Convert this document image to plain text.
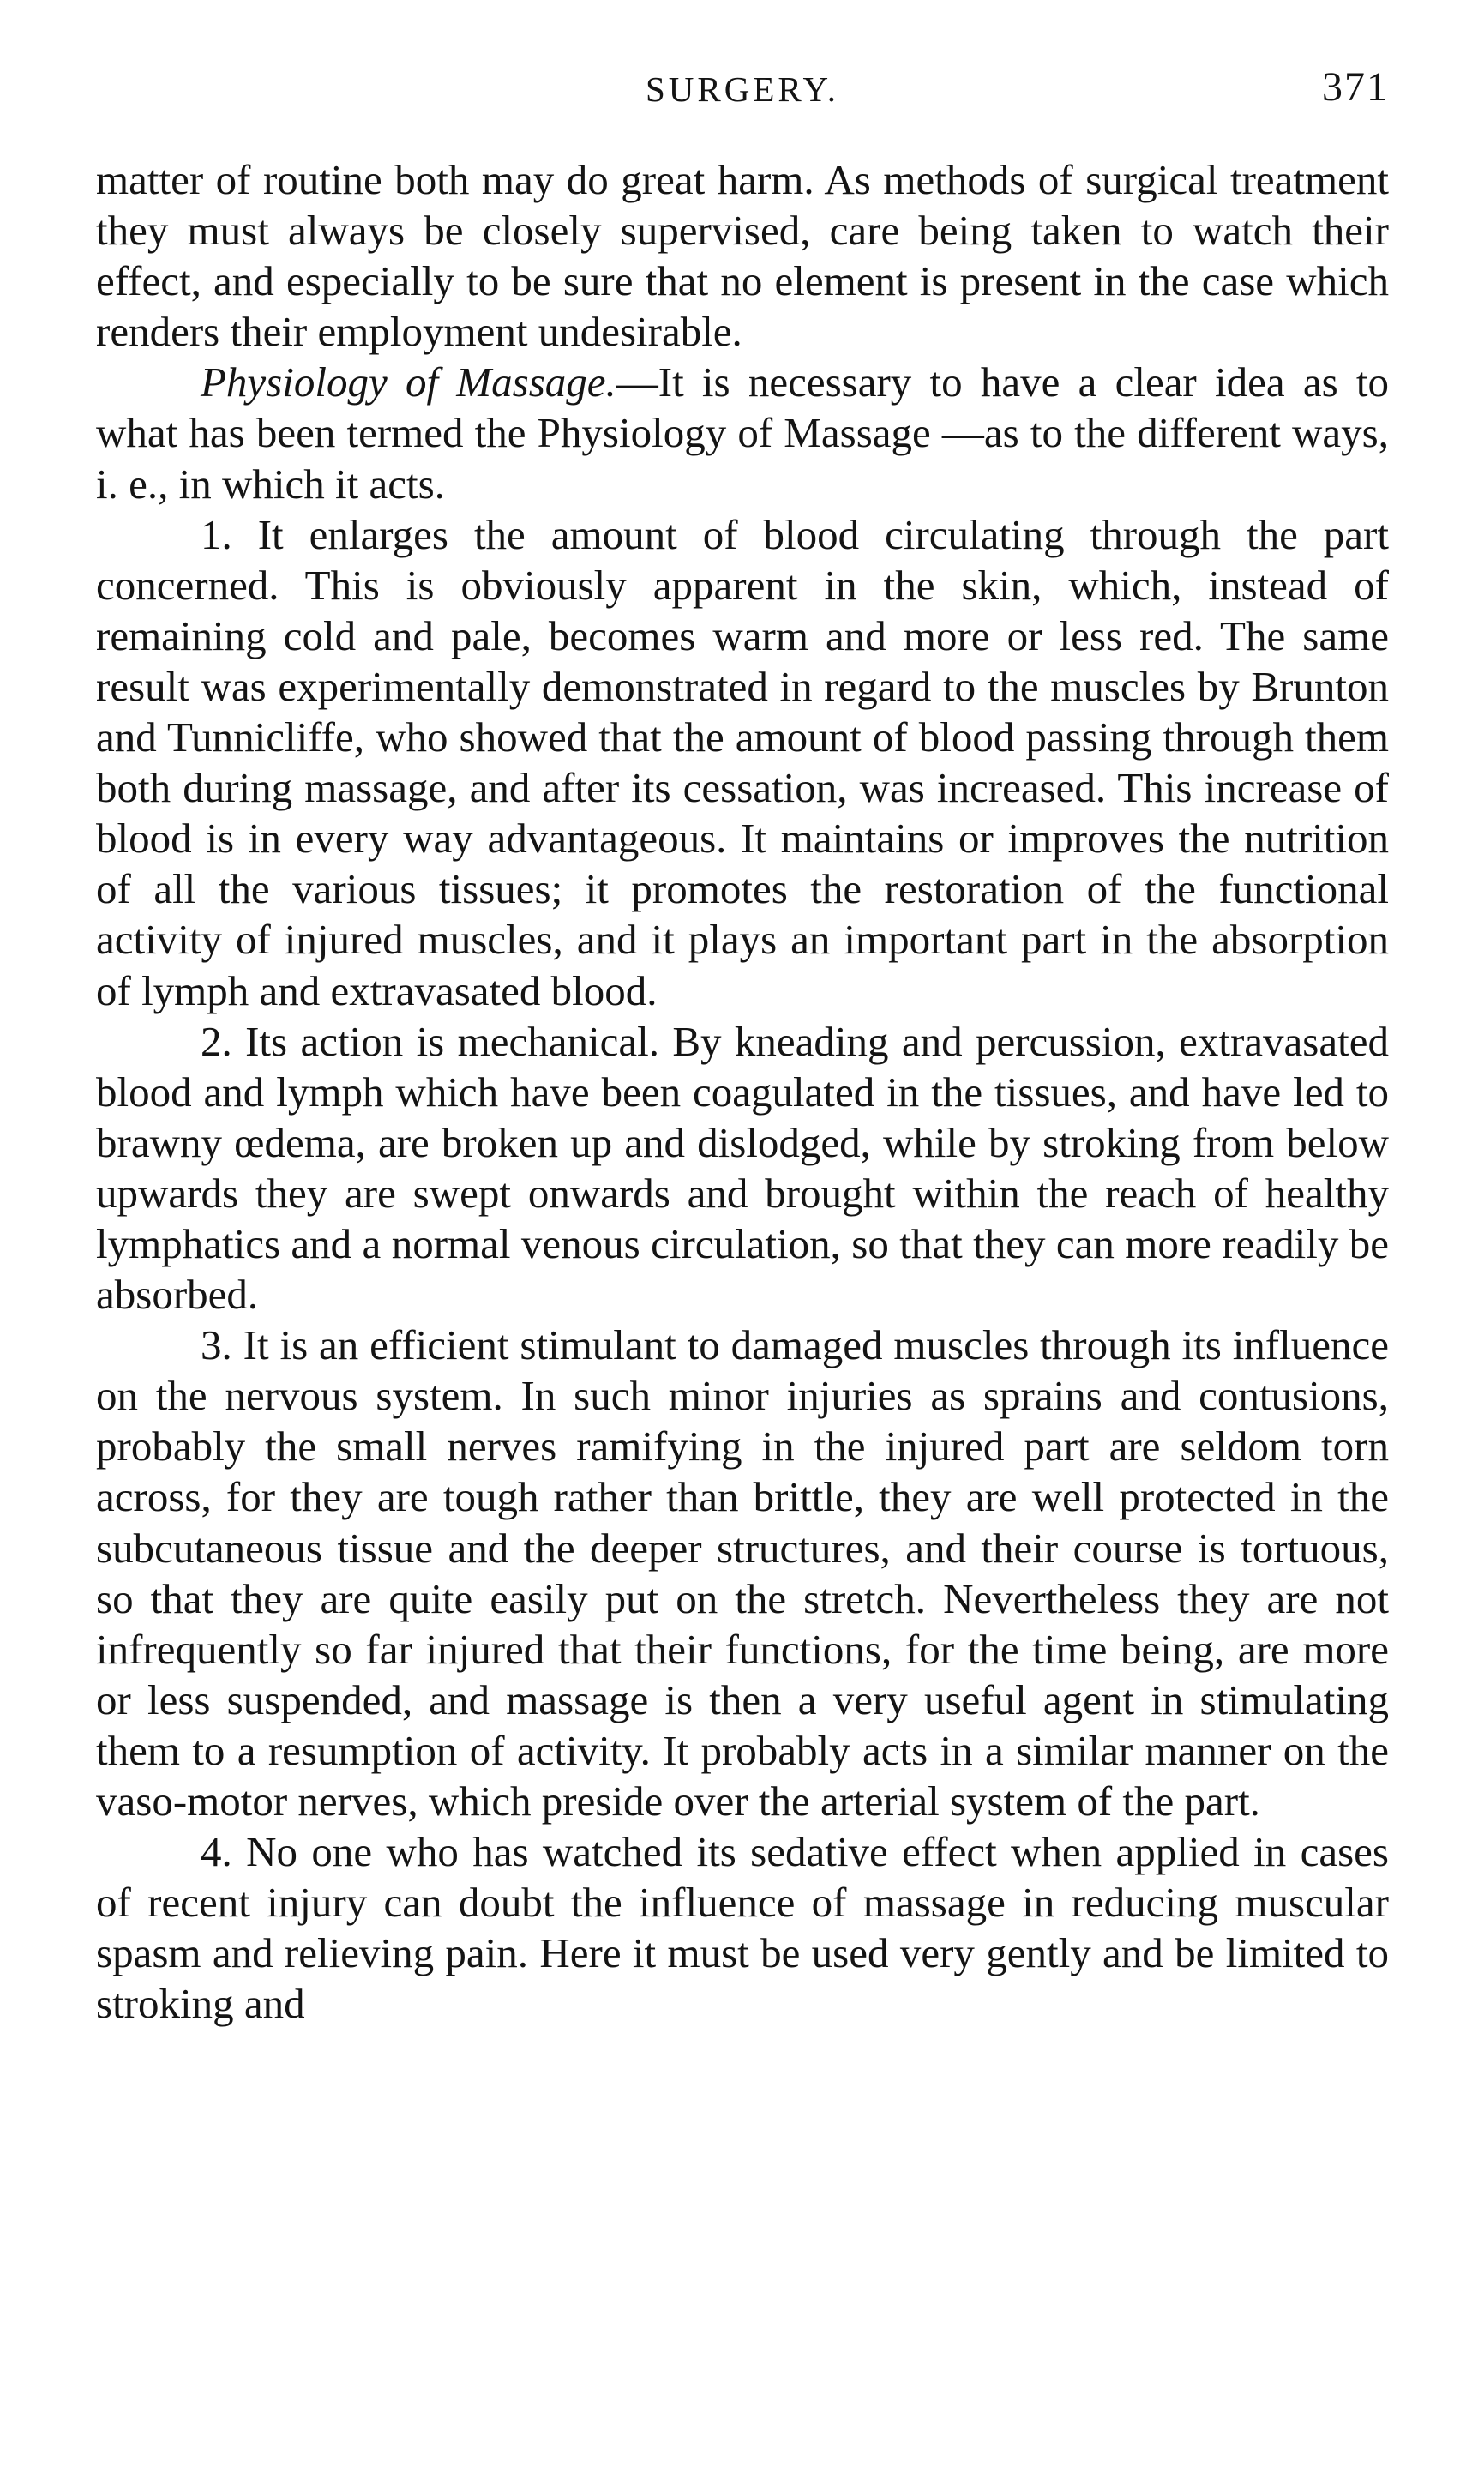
SURGERY.	371

matter of routine both may do great harm. As methods of surgical treatment they must always be closely supervised, care being taken to watch their effect, and especially to be sure that no element is present in the case which renders their employment undesirable.

Physiology of Massage.—It is necessary to have a clear idea as to what has been termed the Physiology of Massage —as to the different ways, i. e., in which it acts.

1. It enlarges the amount of blood circulating through the part concerned. This is obviously apparent in the skin, which, instead of remaining cold and pale, becomes warm and more or less red. The same result was experimentally demonstrated in regard to the muscles by Brunton and Tunnicliffe, who showed that the amount of blood passing through them both during massage, and after its cessation, was increased. This increase of blood is in every way advantageous. It maintains or improves the nutrition of all the various tissues; it promotes the restoration of the functional activity of injured muscles, and it plays an important part in the absorption of lymph and extravasated blood.

2. Its action is mechanical. By kneading and percussion, extravasated blood and lymph which have been coagulated in the tissues, and have led to brawny œdema, are broken up and dislodged, while by stroking from below upwards they are swept onwards and brought within the reach of healthy lymphatics and a normal venous circulation, so that they can more readily be absorbed.

3. It is an efficient stimulant to damaged muscles through its influence on the nervous system. In such minor injuries as sprains and contusions, probably the small nerves ramifying in the injured part are seldom torn across, for they are tough rather than brittle, they are well protected in the subcutaneous tissue and the deeper structures, and their course is tortuous, so that they are quite easily put on the stretch. Nevertheless they are not infrequently so far injured that their functions, for the time being, are more or less suspended, and massage is then a very useful agent in stimulating them to a resumption of activity. It probably acts in a similar manner on the vaso-motor nerves, which preside over the arterial system of the part.

4. No one who has watched its sedative effect when applied in cases of recent injury can doubt the influence of massage in reducing muscular spasm and relieving pain. Here it must be used very gently and be limited to stroking and
